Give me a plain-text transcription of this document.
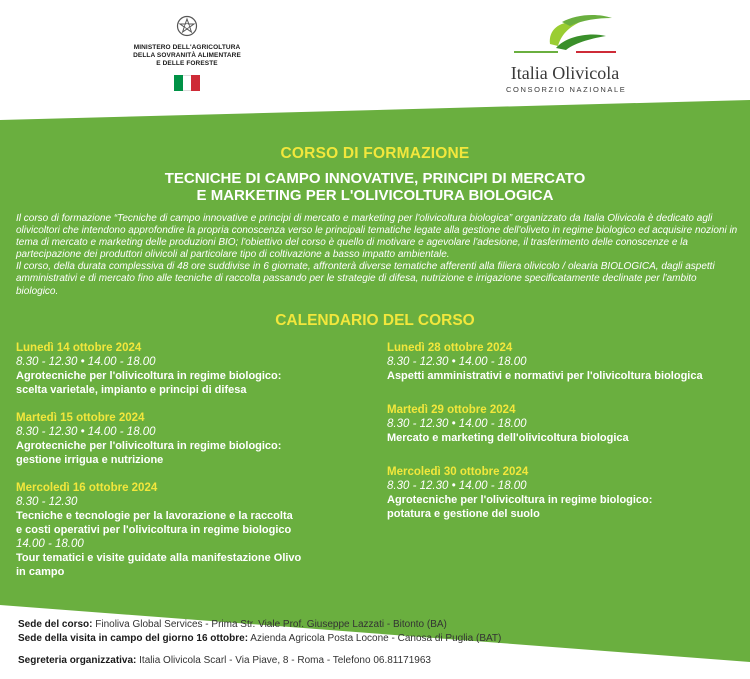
MINISTERO DELL'AGRICOLTURA
DELLA SOVRANITÀ ALIMENTARE
E DELLE FORESTE	Italia Olivicola
CONSORZIO NAZIONALE
CORSO DI FORMAZIONE
TECNICHE DI CAMPO INNOVATIVE, PRINCIPI DI MERCATO
E MARKETING PER L'OLIVICOLTURA BIOLOGICA

Il corso di formazione “Tecniche di campo innovative e principi di mercato e marketing per l'olivicoltura biologica” organizzato da Italia Olivicola è dedicato agli olivicoltori che intendono approfondire la propria conoscenza verso le principali tematiche legate alla gestione dell'oliveto in regime biologico ed acquisire nozioni in tema di mercato e marketing delle produzioni BIO; l'obiettivo del corso è quello di motivare e agevolare l'adesione, il trasferimento delle conoscenze e la partecipazione dei produttori olivicoli al particolare tipo di coltivazione a basso impatto ambientale.

Il corso, della durata complessiva di 48 ore suddivise in 6 giornate, affronterà diverse tematiche afferenti alla filiera olivicolo / olearia BIOLOGICA, dagli aspetti amministrativi e di mercato fino alle tecniche di raccolta passando per le strategie di difesa, nutrizione e irrigazione specificatamente declinate per l'ambito biologico.

CALENDARIO DEL CORSO
Lunedì 14 ottobre 2024
8.30 - 12.30 • 14.00 - 18.00
Agrotecniche per l'olivicoltura in regime biologico:
scelta varietale, impianto e principi di difesa
Martedì 15 ottobre 2024
8.30 - 12.30 • 14.00 - 18.00
Agrotecniche per l'olivicoltura in regime biologico:
gestione irrigua e nutrizione
Mercoledì 16 ottobre 2024
8.30 - 12.30
Tecniche e tecnologie per la lavorazione e la raccolta
e costi operativi per l'olivicoltura in regime biologico
14.00 - 18.00
Tour tematici e visite guidate alla manifestazione Olivo
in campo
Lunedì 28 ottobre 2024
8.30 - 12.30 • 14.00 - 18.00
Aspetti amministrativi e normativi per l'olivicoltura biologica
Martedì 29 ottobre 2024
8.30 - 12.30 • 14.00 - 18.00
Mercato e marketing dell'olivicoltura biologica
Mercoledì 30 ottobre 2024
8.30 - 12.30 • 14.00 - 18.00
Agrotecniche per l'olivicoltura in regime biologico:
potatura e gestione del suolo
Sede del corso: Finoliva Global Services - Prima Str. Viale Prof. Giuseppe Lazzati - Bitonto (BA)
Sede della visita in campo del giorno 16 ottobre: Azienda Agricola Posta Locone - Canosa di Puglia (BAT)
Segreteria organizzativa: Italia Olivicola Scarl - Via Piave, 8 - Roma - Telefono 06.81171963
